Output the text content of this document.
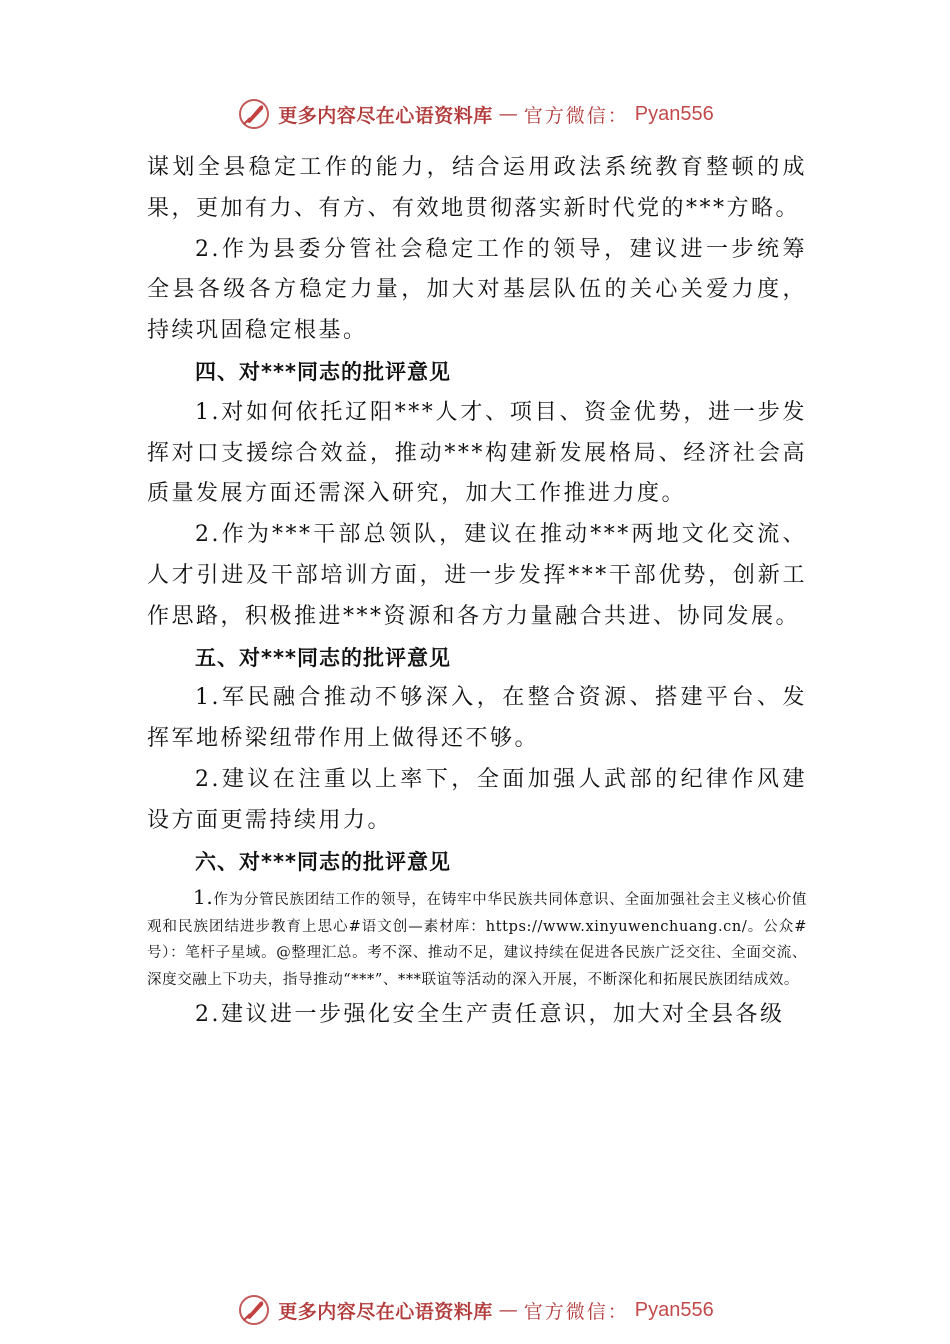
更多内容尽在心语资料库 — 官方微信： Pyan556

谋划全县稳定工作的能力，结合运用政法系统教育整顿的成果，更加有力、有方、有效地贯彻落实新时代党的***方略。

2.作为县委分管社会稳定工作的领导，建议进一步统筹全县各级各方稳定力量，加大对基层队伍的关心关爱力度， 持续巩固稳定根基。

四、对***同志的批评意见

1.对如何依托辽阳***人才、项目、资金优势，进一步发挥对口支援综合效益，推动***构建新发展格局、经济社会高质量发展方面还需深入研究，加大工作推进力度。

2.作为***干部总领队，建议在推动***两地文化交流、人才引进及干部培训方面，进一步发挥***干部优势，创新工作思路，积极推进***资源和各方力量融合共进、协同发展。

五、对***同志的批评意见

1.军民融合推动不够深入，在整合资源、搭建平台、发挥军地桥梁纽带作用上做得还不够。

2.建议在注重以上率下，全面加强人武部的纪律作风建设方面更需持续用力。

六、对***同志的批评意见

1.作为分管民族团结工作的领导，在铸牢中华民族共同体意识、全面加强社会主义核心价值观和民族团结进步教育上思心#语文创—素材库：https://www.xinyuwenchuang.cn/。公众#号）：笔杆子星域。@整理汇总。考不深、推动不足，建议持续在促进各民族广泛交往、全面交流、深度交融上下功夫，指导推动“***”、***联谊等活动的深入开展，不断深化和拓展民族团结成效。

2.建议进一步强化安全生产责任意识，加大对全县各级

更多内容尽在心语资料库 — 官方微信： Pyan556
